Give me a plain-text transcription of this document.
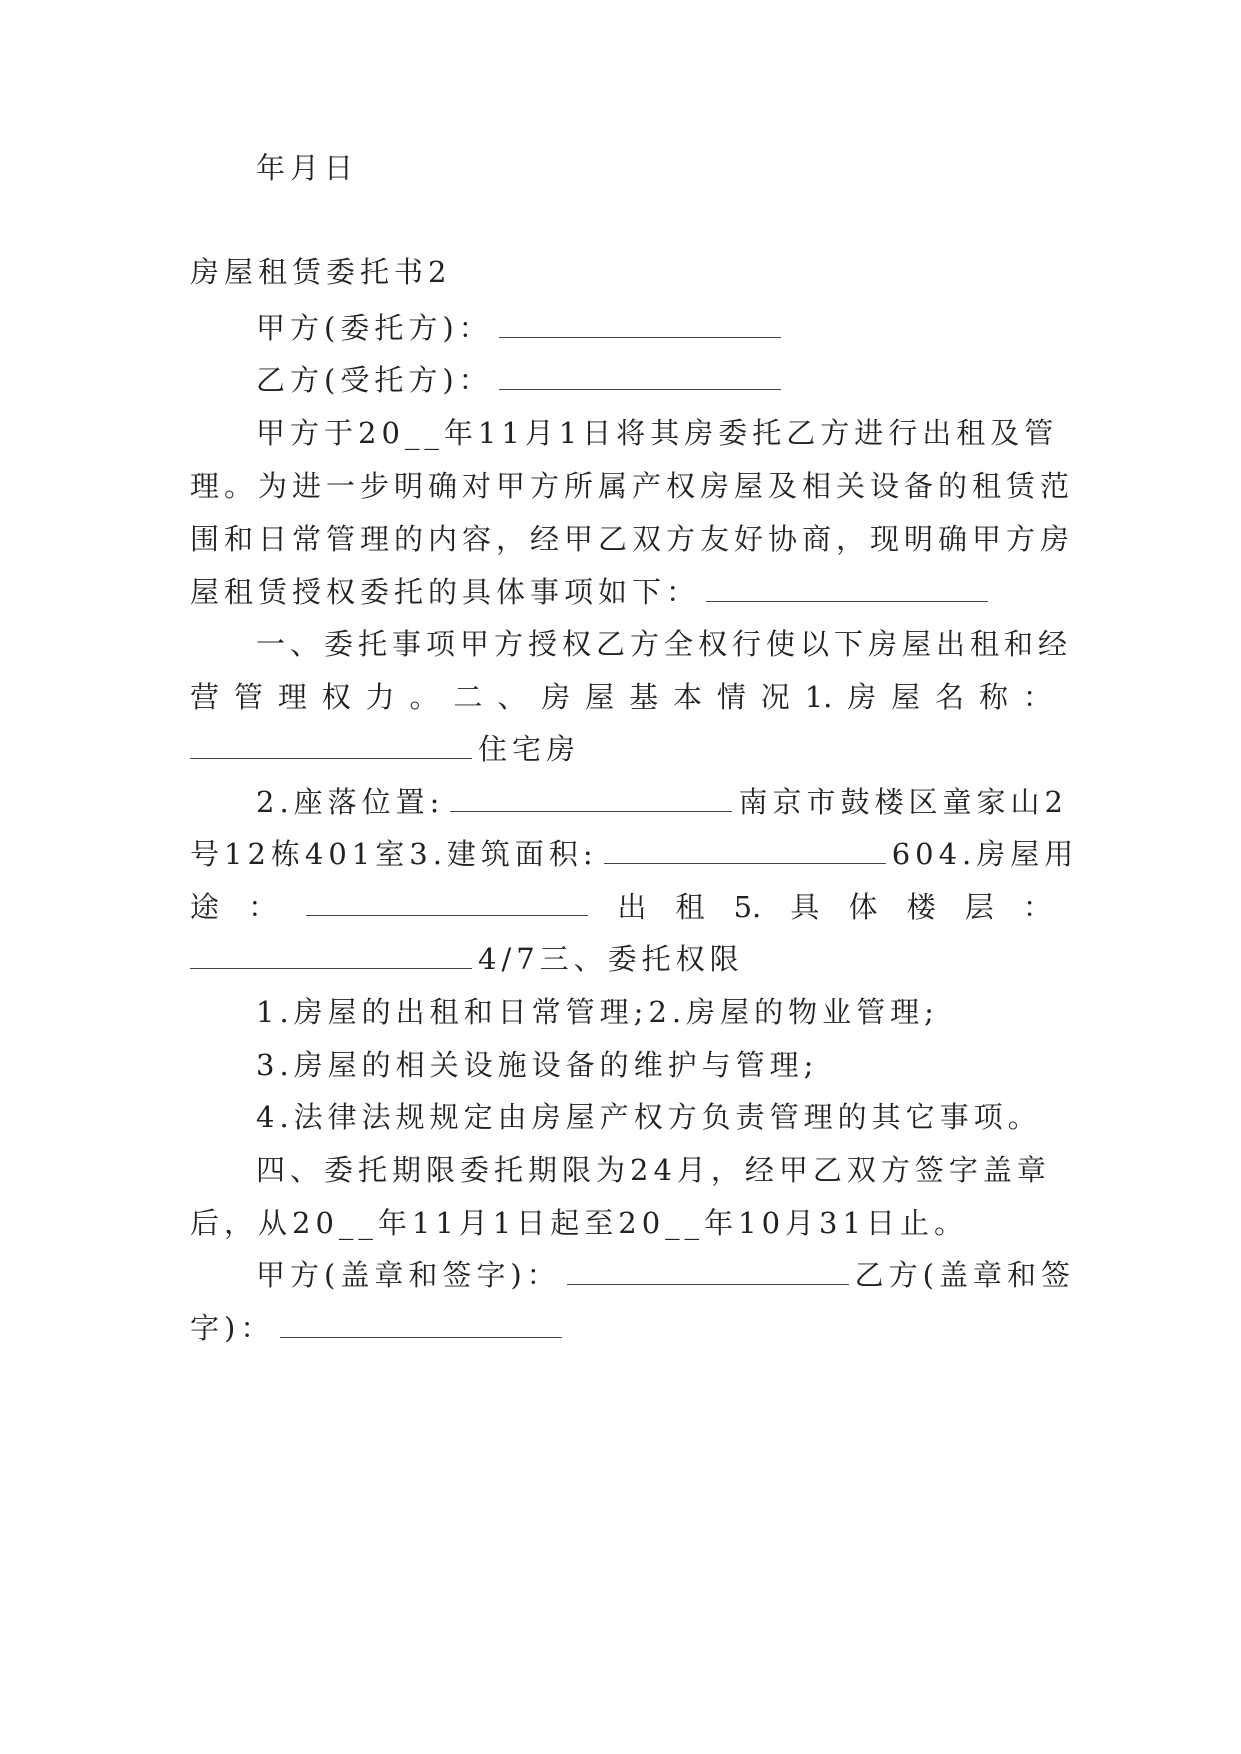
年月日
房屋租赁委托书2
甲方(委托方)：
乙方(受托方)：
甲方于20__年11月1日将其房委托乙方进行出租及管
理。为进一步明确对甲方所属产权房屋及相关设备的租赁范
围和日常管理的内容，经甲乙双方友好协商，现明确甲方房
屋租赁授权委托的具体事项如下：
一、委托事项甲方授权乙方全权行使以下房屋出租和经
营 管 理 权 力 。 二 、 房 屋 基 本 情 况 1. 房 屋 名 称 ：
住宅房
2.座落位置:	南京市鼓楼区童家山2
号12栋401室3.建筑面积:	604.房屋用
途 ：	出 租 5. 具 体 楼 层 ：
4/7三、委托权限
1.房屋的出租和日常管理;2.房屋的物业管理;
3.房屋的相关设施设备的维护与管理;
4.法律法规规定由房屋产权方负责管理的其它事项。
四、委托期限委托期限为24月，经甲乙双方签字盖章
后，从20__年11月1日起至20__年10月31日止。
甲方(盖章和签字)：	乙方(盖章和签
字)：
